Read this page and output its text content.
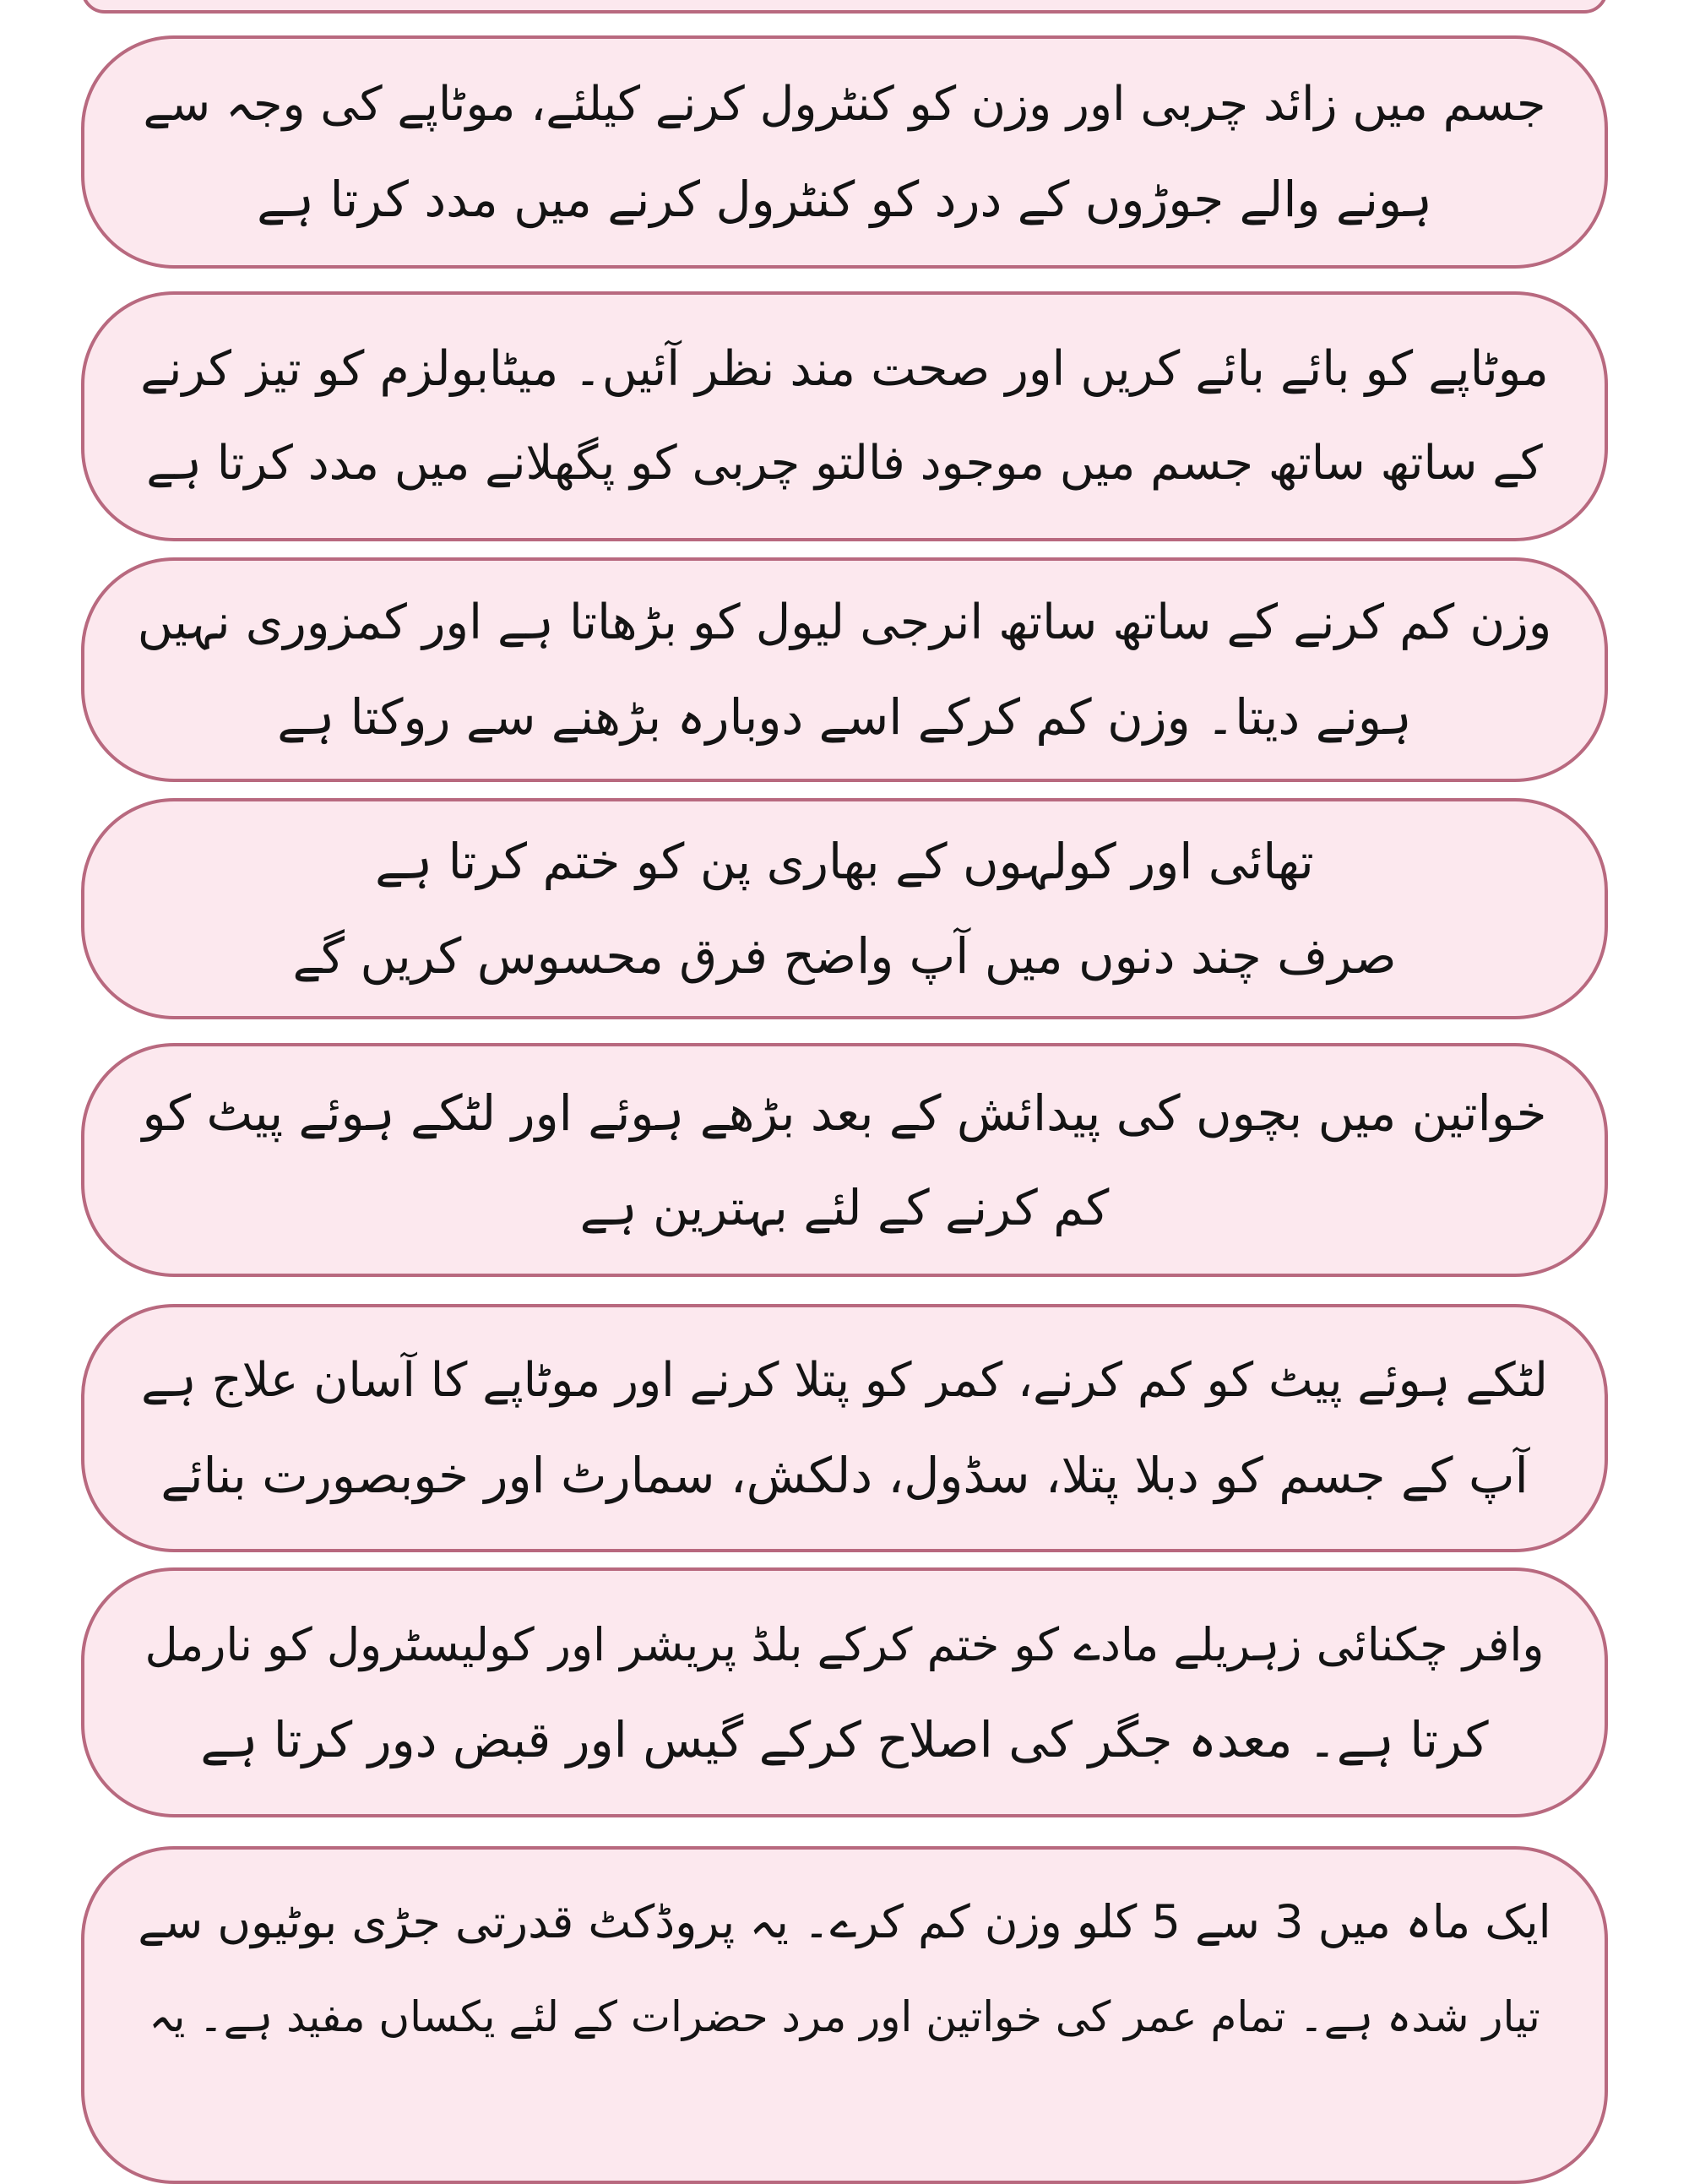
جسم میں زائد چربی اور وزن کو کنٹرول کرنے کیلئے، موٹاپے کی وجہ سے
ہونے والے جوڑوں کے درد کو کنٹرول کرنے میں مدد کرتا ہے
موٹاپے کو بائے بائے کریں اور صحت مند نظر آئیں۔ میٹابولزم کو تیز کرنے
کے ساتھ ساتھ جسم میں موجود فالتو چربی کو پگھلانے میں مدد کرتا ہے
وزن کم کرنے کے ساتھ ساتھ انرجی لیول کو بڑھاتا ہے اور کمزوری نہیں
ہونے دیتا۔ وزن کم کرکے اسے دوبارہ بڑھنے سے روکتا ہے
تھائی اور کولہوں کے بھاری پن کو ختم کرتا ہے
صرف چند دنوں میں آپ واضح فرق محسوس کریں گے
خواتین میں بچوں کی پیدائش کے بعد بڑھے ہوئے اور لٹکے ہوئے پیٹ کو
کم کرنے کے لئے بہترین ہے
لٹکے ہوئے پیٹ کو کم کرنے، کمر کو پتلا کرنے اور موٹاپے کا آسان علاج ہے
آپ کے جسم کو دبلا پتلا، سڈول، دلکش، سمارٹ اور خوبصورت بنائے
وافر چکنائی زہریلے مادے کو ختم کرکے بلڈ پریشر اور کولیسٹرول کو نارمل
کرتا ہے۔ معدہ جگر کی اصلاح کرکے گیس اور قبض دور کرتا ہے
ایک ماہ میں 3 سے 5 کلو وزن کم کرے۔ یہ پروڈکٹ قدرتی جڑی بوٹیوں سے
تیار شدہ ہے۔ تمام عمر کی خواتین اور مرد حضرات کے لئے یکساں مفید ہے۔ یہ
